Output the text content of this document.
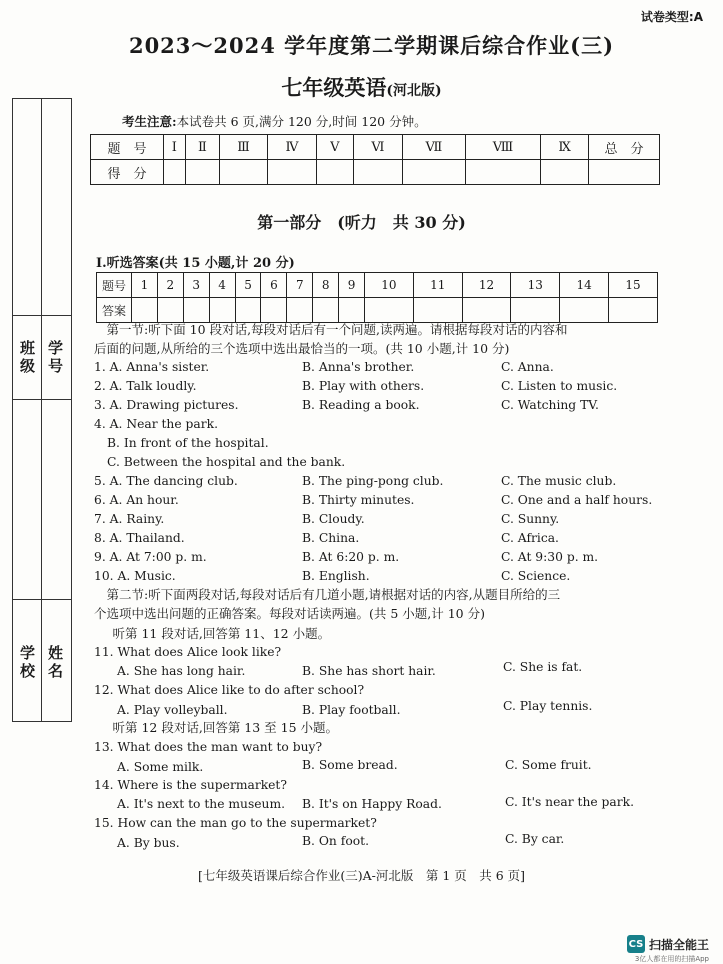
试卷类型:A
2023～2024 学年度第二学期课后综合作业(三)
七年级英语(河北版)
考生注意:本试卷共 6 页,满分 120 分,时间 120 分钟。
题　号	Ⅰ	Ⅱ	Ⅲ	Ⅳ	Ⅴ	Ⅵ	Ⅶ	Ⅷ	Ⅸ	总　分
得　分										
班 级
学 号
学 校
姓 名
第一部分　(听力　共 30 分)
Ⅰ.听选答案(共 15 小题,计 20 分)
题号	1	2	3	4	5	6	7	8	9	10	11	12	13	14	15
答案															
　第一节:听下面 10 段对话,每段对话后有一个问题,读两遍。请根据每段对话的内容和
后面的问题,从所给的三个选项中选出最恰当的一项。(共 10 小题,计 10 分)
1. A. Anna's sister.	B. Anna's brother.	C. Anna.
2. A. Talk loudly.	B. Play with others.	C. Listen to music.
3. A. Drawing pictures.	B. Reading a book.	C. Watching TV.
4. A. Near the park.
B. In front of the hospital.
C. Between the hospital and the bank.
5. A. The dancing club.	B. The ping-pong club.	C. The music club.
6. A. An hour.	B. Thirty minutes.	C. One and a half hours.
7. A. Rainy.	B. Cloudy.	C. Sunny.
8. A. Thailand.	B. China.	C. Africa.
9. A. At 7:00 p. m.	B. At 6:20 p. m.	C. At 9:30 p. m.
10. A. Music.	B. English.	C. Science.
　第二节:听下面两段对话,每段对话后有几道小题,请根据对话的内容,从题目所给的三
个选项中选出问题的正确答案。每段对话读两遍。(共 5 小题,计 10 分)
　听第 11 段对话,回答第 11、12 小题。
11. What does Alice look like?
A. She has long hair.	B. She has short hair.	C. She is fat.
12. What does Alice like to do after school?
A. Play volleyball.	B. Play football.	C. Play tennis.
　听第 12 段对话,回答第 13 至 15 小题。
13. What does the man want to buy?
A. Some milk.	B. Some bread.	C. Some fruit.
14. Where is the supermarket?
A. It's next to the museum. B. It's on Happy Road.	C. It's near the park.
15. How can the man go to the supermarket?
A. By bus.	B. On foot.	C. By car.
[七年级英语课后综合作业(三)A-河北版　第 1 页　共 6 页]
CS 扫描全能王
3亿人都在用的扫描App
